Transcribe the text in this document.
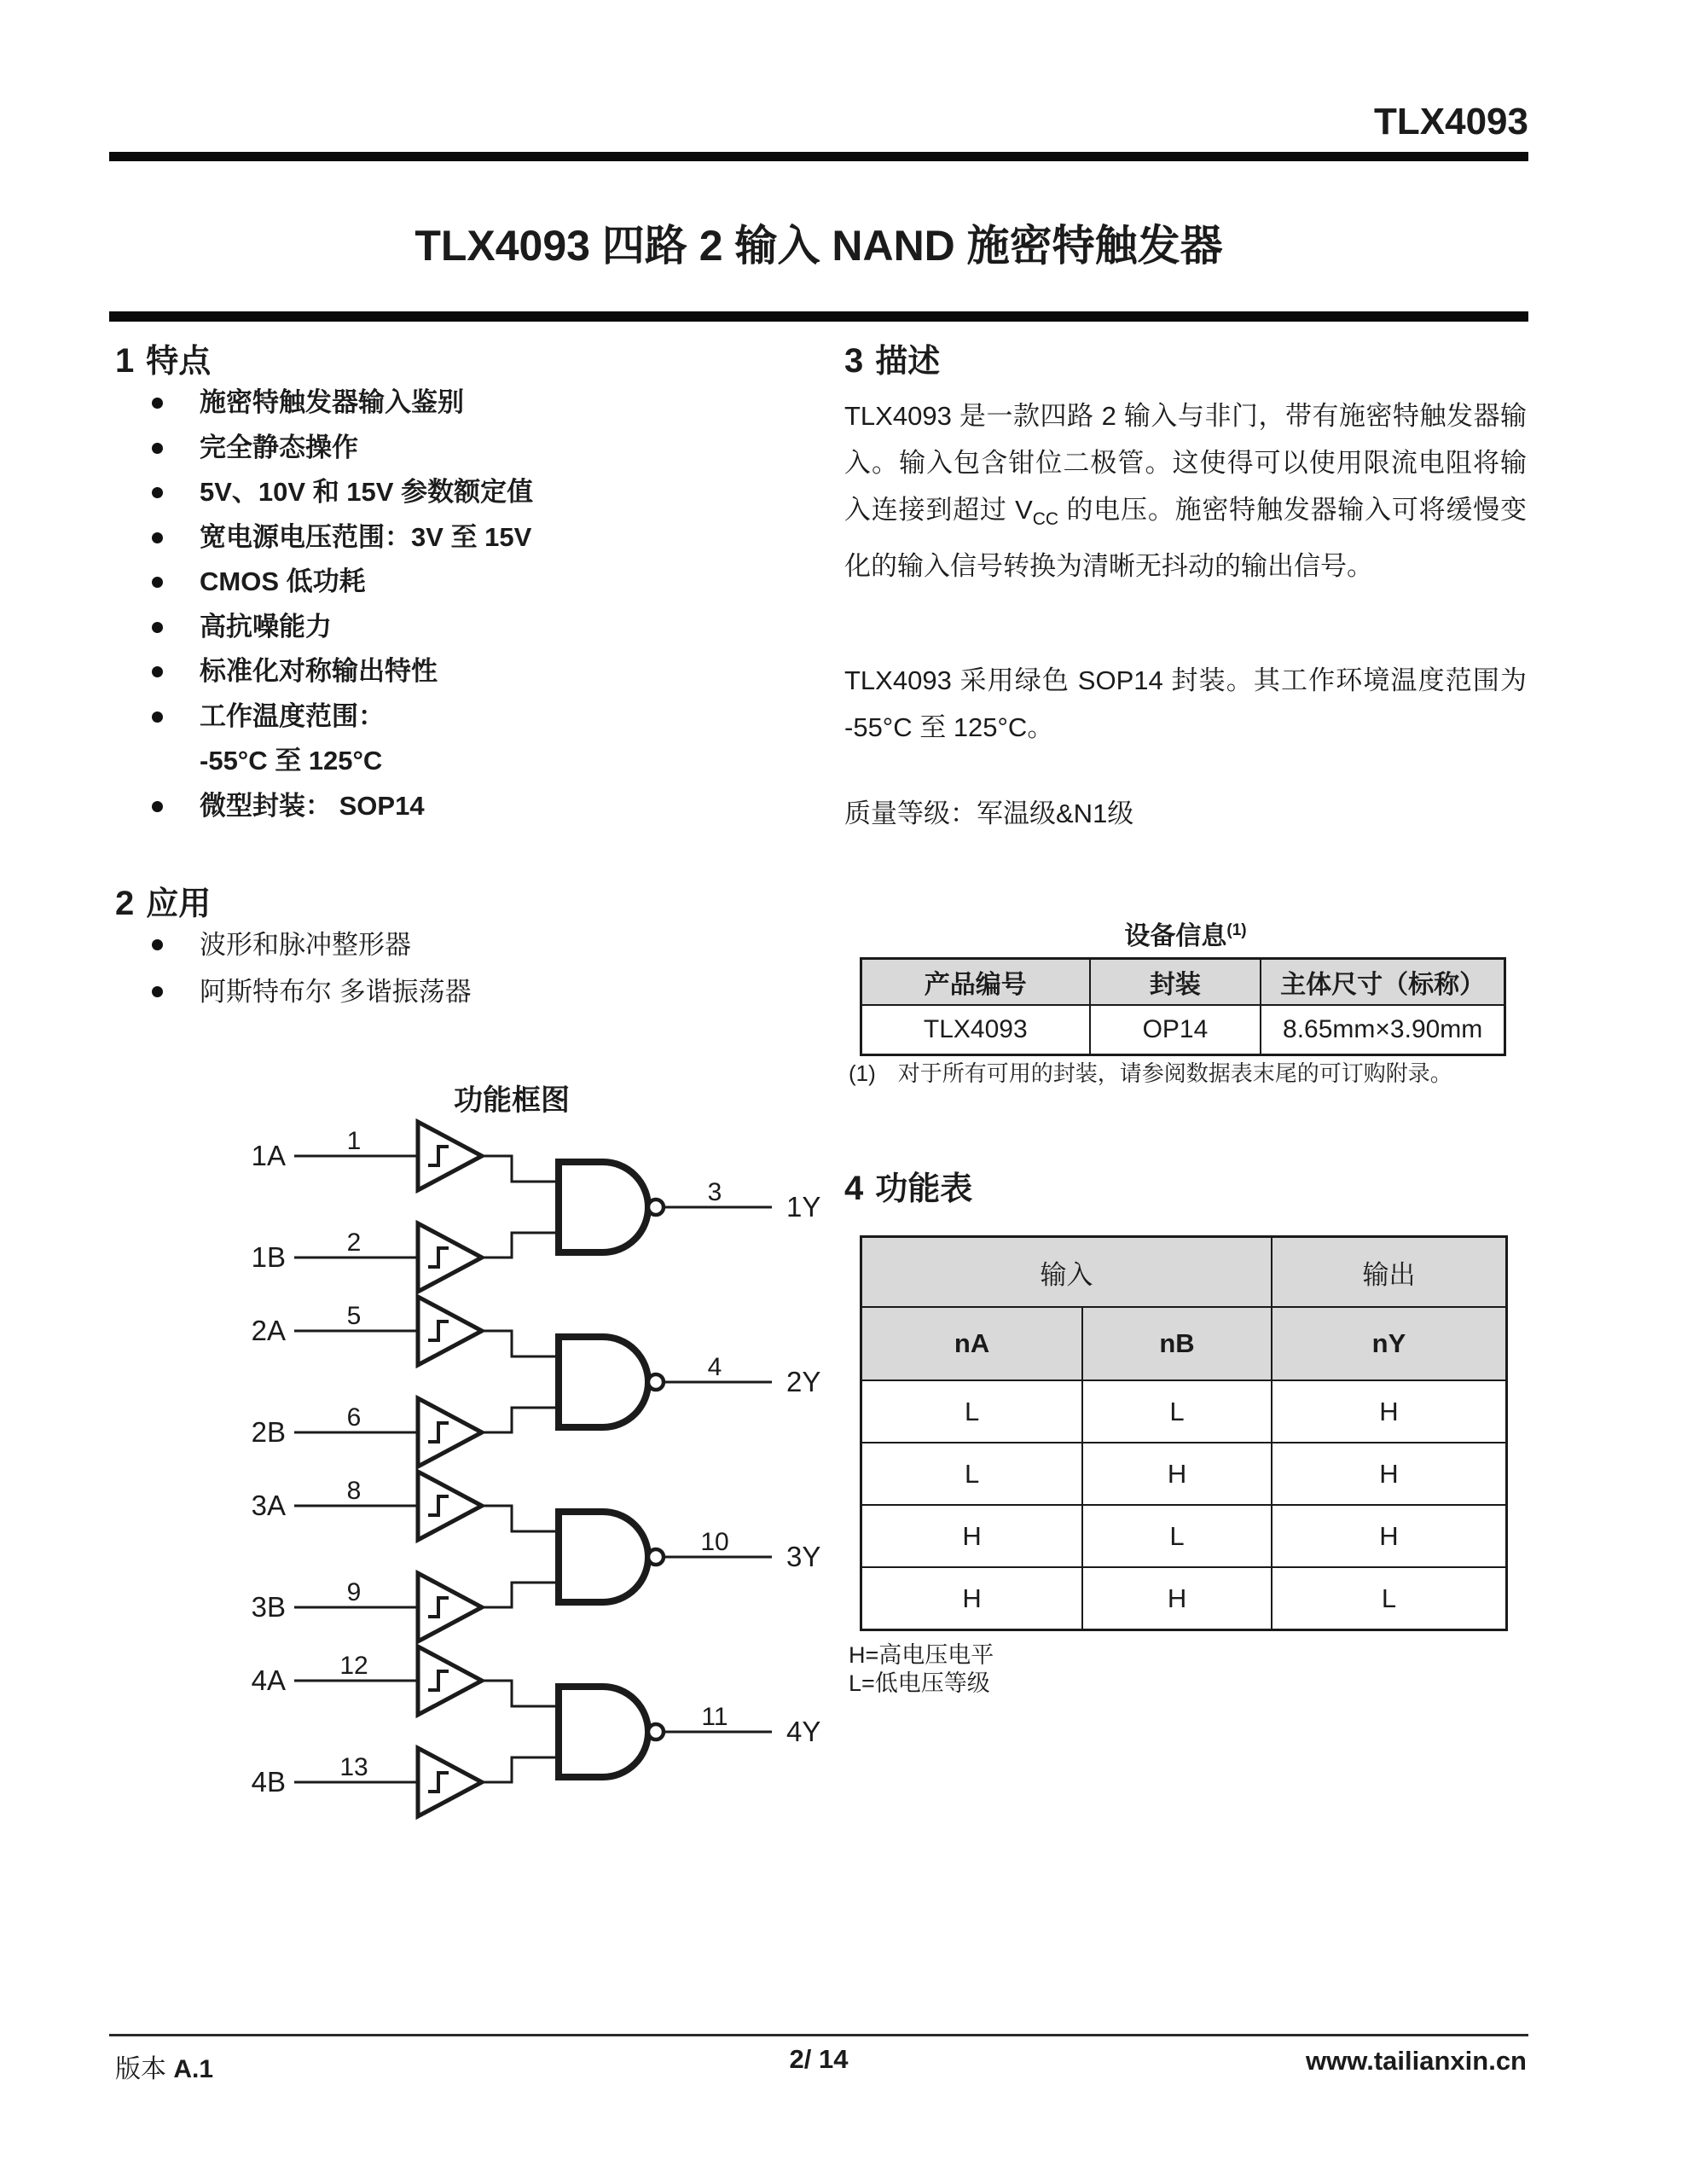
TLX4093
TLX4093 四路 2 输入 NAND 施密特触发器
1 特点
施密特触发器输入鉴别
完全静态操作
5V、10V 和 15V 参数额定值
宽电源电压范围：3V 至 15V
CMOS 低功耗
高抗噪能力
标准化对称输出特性
工作温度范围：
-55°C 至 125°C
微型封装： SOP14
2 应用
波形和脉冲整形器
阿斯特布尔 多谐振荡器
功能框图
1A 1
1B 2
3 1Y
2A 5
2B 6
4 2Y
3A 8
3B 9
10 3Y
4A 12
4B 13
11 4Y
3 描述
TLX4093 是一款四路 2 输入与非门，带有施密特触发器输入。输入包含钳位二极管。这使得可以使用限流电阻将输入连接到超过 $V_{CC}$ 的电压。施密特触发器输入可将缓慢变化的输入信号转换为清晰无抖动的输出信号。
TLX4093 采用绿色 SOP14 封装。其工作环境温度范围为 -55°C 至 125°C。
质量等级：军温级&N1级
设备信息$^{(1)}$
产品编号	封装	主体尺寸（标称）
TLX4093	OP14	8.65mm×3.90mm
(1) 对于所有可用的封装，请参阅数据表末尾的可订购附录。
4 功能表
输入		输出
nA	nB	nY
L	L	H
L	H	H
H	L	H
H	H	L
H=高电压电平
L=低电压等级
版本 A.1	2/ 14	www.tailianxin.cn
